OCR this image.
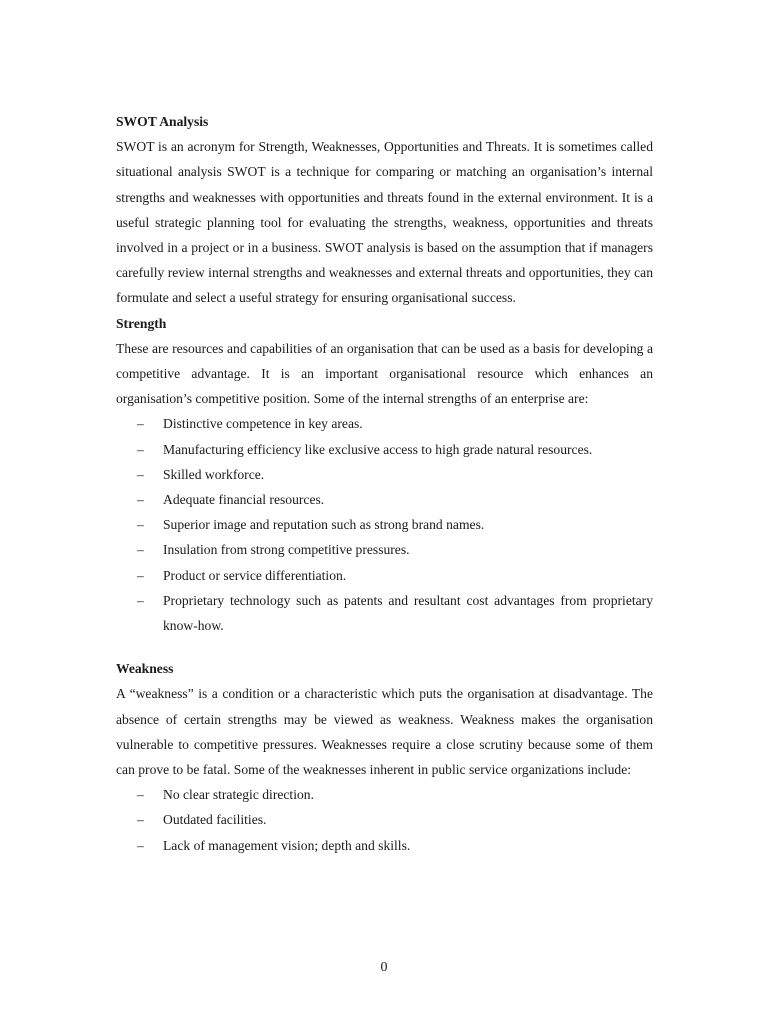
SWOT Analysis

SWOT is an acronym for Strength, Weaknesses, Opportunities and Threats. It is sometimes called situational analysis SWOT is a technique for comparing or matching an organisation’s internal strengths and weaknesses with opportunities and threats found in the external environment. It is a useful strategic planning tool for evaluating the strengths, weakness, opportunities and threats involved in a project or in a business. SWOT analysis is based on the assumption that if managers carefully review internal strengths and weaknesses and external threats and opportunities, they can formulate and select a useful strategy for ensuring organisational success.

Strength

These are resources and capabilities of an organisation that can be used as a basis for developing a competitive advantage. It is an important organisational resource which enhances an organisation’s competitive position. Some of the internal strengths of an enterprise are:

– Distinctive competence in key areas.
– Manufacturing efficiency like exclusive access to high grade natural resources.
– Skilled workforce.
– Adequate financial resources.
– Superior image and reputation such as strong brand names.
– Insulation from strong competitive pressures.
– Product or service differentiation.
– Proprietary technology such as patents and resultant cost advantages from proprietary know-how.

Weakness

A “weakness” is a condition or a characteristic which puts the organisation at disadvantage. The absence of certain strengths may be viewed as weakness. Weakness makes the organisation vulnerable to competitive pressures. Weaknesses require a close scrutiny because some of them can prove to be fatal. Some of the weaknesses inherent in public service organizations include:

– No clear strategic direction.
– Outdated facilities.
– Lack of management vision; depth and skills.
0
